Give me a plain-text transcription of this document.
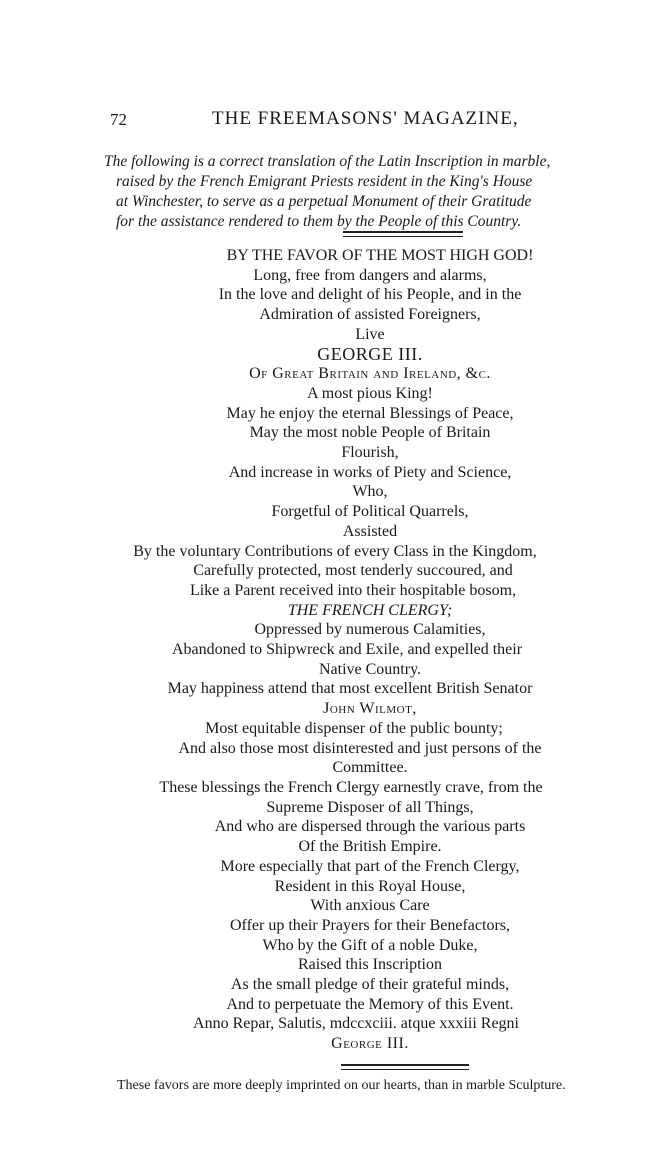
72	THE FREEMASONS' MAGAZINE,
The following is a correct translation of the Latin Inscription in marble,
raised by the French Emigrant Priests resident in the King's House
at Winchester, to serve as a perpetual Monument of their Gratitude
for the assistance rendered to them by the People of this Country.
BY THE FAVOR OF THE MOST HIGH GOD!
Long, free from dangers and alarms,
In the love and delight of his People, and in the
Admiration of assisted Foreigners,
Live
GEORGE III.
Of Great Britain and Ireland, &c.
A most pious King!
May he enjoy the eternal Blessings of Peace,
May the most noble People of Britain
Flourish,
And increase in works of Piety and Science,
Who,
Forgetful of Political Quarrels,
Assisted
By the voluntary Contributions of every Class in the Kingdom,
Carefully protected, most tenderly succoured, and
Like a Parent received into their hospitable bosom,
THE FRENCH CLERGY;
Oppressed by numerous Calamities,
Abandoned to Shipwreck and Exile, and expelled their
Native Country.
May happiness attend that most excellent British Senator
John Wilmot,
Most equitable dispenser of the public bounty;
And also those most disinterested and just persons of the
Committee.
These blessings the French Clergy earnestly crave, from the
Supreme Disposer of all Things,
And who are dispersed through the various parts
Of the British Empire.
More especially that part of the French Clergy,
Resident in this Royal House,
With anxious Care
Offer up their Prayers for their Benefactors,
Who by the Gift of a noble Duke,
Raised this Inscription
As the small pledge of their grateful minds,
And to perpetuate the Memory of this Event.
Anno Repar, Salutis, mdccxciii. atque xxxiii Regni
George III.
These favors are more deeply imprinted on our hearts, than in marble Sculpture.
